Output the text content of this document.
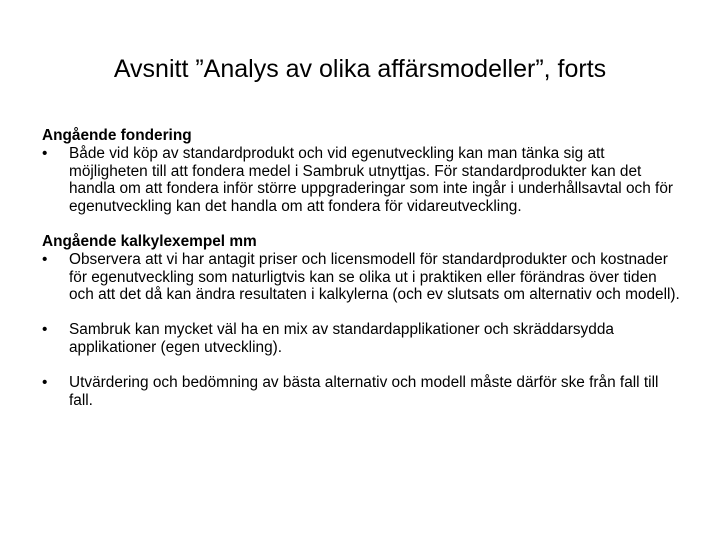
Avsnitt ”Analys av olika affärsmodeller”, forts
Angående fondering
• Både vid köp av standardprodukt och vid egenutveckling kan man tänka sig att möjligheten till att fondera medel i Sambruk utnyttjas. För standardprodukter kan det handla om att fondera inför större uppgraderingar som inte ingår i underhållsavtal och för egenutveckling kan det handla om att fondera för vidareutveckling.
Angående kalkylexempel mm
• Observera att vi har antagit priser och licensmodell för standardprodukter och kostnader för egenutveckling som naturligtvis kan se olika ut i praktiken eller förändras över tiden och att det då kan ändra resultaten i kalkylerna (och ev slutsats om alternativ och modell).
• Sambruk kan mycket väl ha en mix av standardapplikationer och skräddarsydda applikationer (egen utveckling).
• Utvärdering och bedömning av bästa alternativ och modell måste därför ske från fall till fall.
